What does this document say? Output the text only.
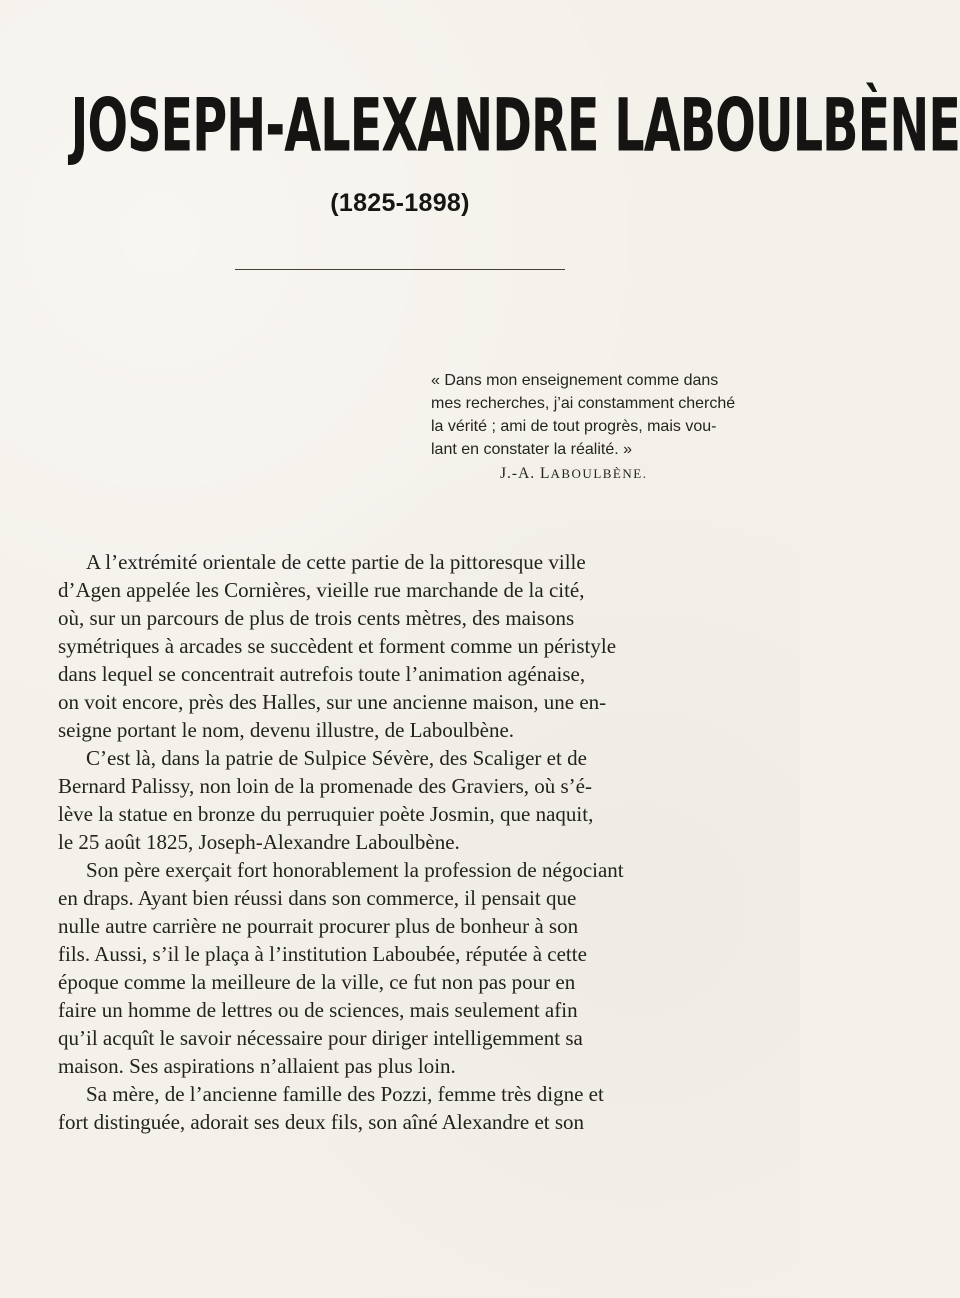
JOSEPH-ALEXANDRE LABOULBÈNE
(1825-1898)
« Dans mon enseignement comme dans
mes recherches, j’ai constamment cherché
la vérité ; ami de tout progrès, mais vou-
lant en constater la réalité. »
J.-A. LABOULBÈNE.
A l’extrémité orientale de cette partie de la pittoresque ville
d’Agen appelée les Cornières, vieille rue marchande de la cité,
où, sur un parcours de plus de trois cents mètres, des maisons
symétriques à arcades se succèdent et forment comme un péristyle
dans lequel se concentrait autrefois toute l’animation agénaise,
on voit encore, près des Halles, sur une ancienne maison, une en-
seigne portant le nom, devenu illustre, de Laboulbène.
C’est là, dans la patrie de Sulpice Sévère, des Scaliger et de
Bernard Palissy, non loin de la promenade des Graviers, où s’é-
lève la statue en bronze du perruquier poète Josmin, que naquit,
le 25 août 1825, Joseph-Alexandre Laboulbène.
Son père exerçait fort honorablement la profession de négociant
en draps. Ayant bien réussi dans son commerce, il pensait que
nulle autre carrière ne pourrait procurer plus de bonheur à son
fils. Aussi, s’il le plaça à l’institution Laboubée, réputée à cette
époque comme la meilleure de la ville, ce fut non pas pour en
faire un homme de lettres ou de sciences, mais seulement afin
qu’il acquît le savoir nécessaire pour diriger intelligemment sa
maison. Ses aspirations n’allaient pas plus loin.
Sa mère, de l’ancienne famille des Pozzi, femme très digne et
fort distinguée, adorait ses deux fils, son aîné Alexandre et son
